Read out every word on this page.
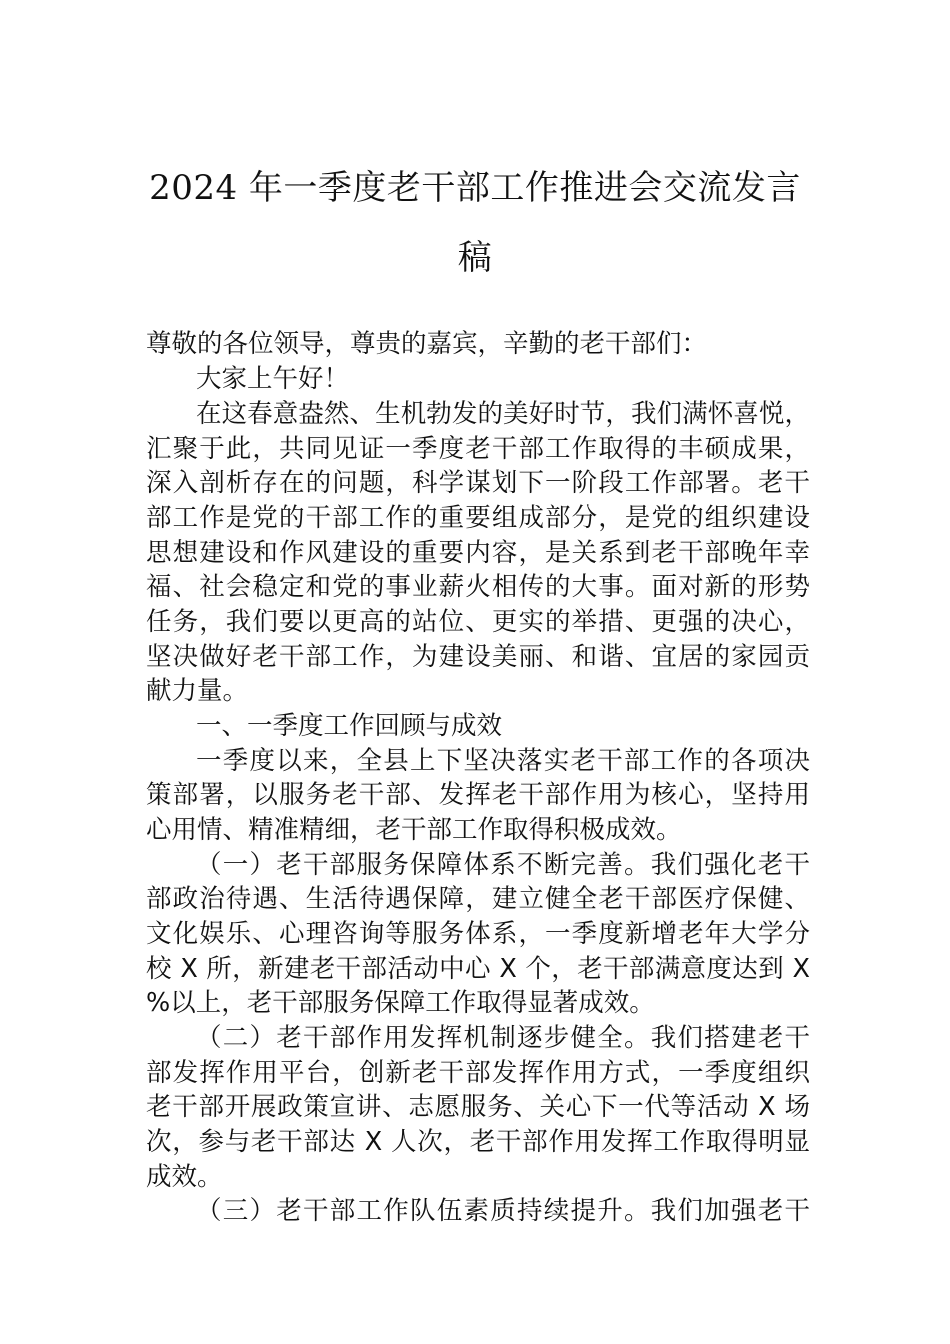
2024 年一季度老干部工作推进会交流发言
稿
尊敬的各位领导，尊贵的嘉宾，辛勤的老干部们：
大家上午好！
在这春意盎然、生机勃发的美好时节，我们满怀喜悦，
汇聚于此，共同见证一季度老干部工作取得的丰硕成果，
深入剖析存在的问题，科学谋划下一阶段工作部署。老干
部工作是党的干部工作的重要组成部分，是党的组织建设
思想建设和作风建设的重要内容，是关系到老干部晚年幸
福、社会稳定和党的事业薪火相传的大事。面对新的形势
任务，我们要以更高的站位、更实的举措、更强的决心，
坚决做好老干部工作，为建设美丽、和谐、宜居的家园贡
献力量。
一、一季度工作回顾与成效
一季度以来，全县上下坚决落实老干部工作的各项决
策部署，以服务老干部、发挥老干部作用为核心，坚持用
心用情、精准精细，老干部工作取得积极成效。
（一）老干部服务保障体系不断完善。我们强化老干
部政治待遇、生活待遇保障，建立健全老干部医疗保健、
文化娱乐、心理咨询等服务体系，一季度新增老年大学分
校 X 所，新建老干部活动中心 X 个，老干部满意度达到 X
%以上，老干部服务保障工作取得显著成效。
（二）老干部作用发挥机制逐步健全。我们搭建老干
部发挥作用平台，创新老干部发挥作用方式，一季度组织
老干部开展政策宣讲、志愿服务、关心下一代等活动 X 场
次，参与老干部达 X 人次，老干部作用发挥工作取得明显
成效。
（三）老干部工作队伍素质持续提升。我们加强老干
